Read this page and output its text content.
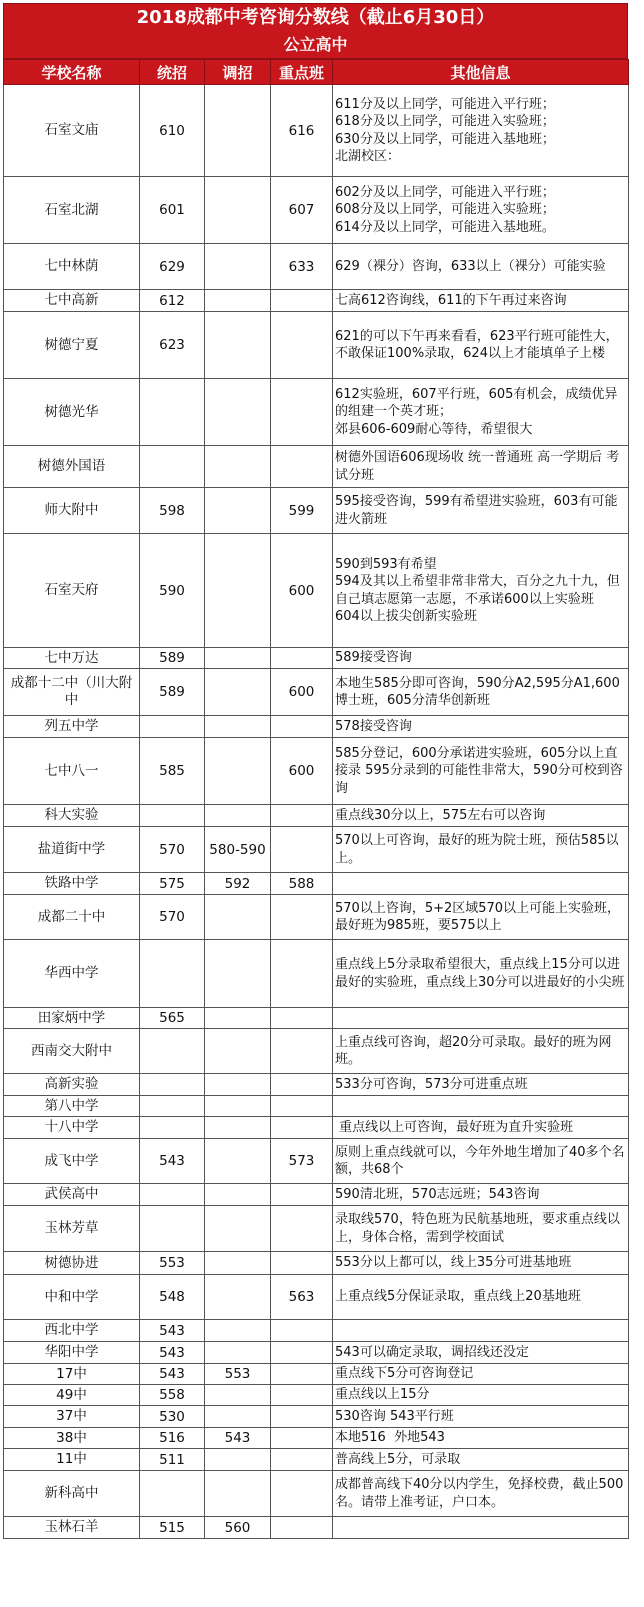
2018成都中考咨询分数线（截止6月30日）
公立高中
学校名称	统招	调招	重点班	其他信息
石室文庙	610		616	611分及以上同学，可能进入平行班；
618分及以上同学，可能进入实验班；
630分及以上同学，可能进入基地班；
北湖校区：
石室北湖	601		607	602分及以上同学，可能进入平行班；
608分及以上同学，可能进入实验班；
614分及以上同学，可能进入基地班。
七中林荫	629		633	629（裸分）咨询，633以上（裸分）可能实验
七中高新	612			七高612咨询线，611的下午再过来咨询
树德宁夏	623			621的可以下午再来看看，623平行班可能性大，不敢保证100%录取，624以上才能填单子上楼
树德光华				612实验班，607平行班，605有机会，成绩优异的组建一个英才班；
郊县606-609耐心等待，希望很大
树德外国语				树德外国语606现场收 统一普通班 高一学期后 考试分班
师大附中	598		599	595接受咨询，599有希望进实验班，603有可能进火箭班
石室天府	590		600	590到593有希望
594及其以上希望非常非常大，百分之九十九，但自己填志愿第一志愿，不承诺600以上实验班
604以上拔尖创新实验班
七中万达	589			589接受咨询
成都十二中（川大附中	589		600	本地生585分即可咨询，590分A2,595分A1,600博士班，605分清华创新班
列五中学				578接受咨询
七中八一	585		600	585分登记，600分承诺进实验班，605分以上直接录 595分录到的可能性非常大，590分可校到咨询
科大实验				重点线30分以上，575左右可以咨询
盐道街中学	570	580-590		570以上可咨询，最好的班为院士班，预估585以上。
铁路中学	575	592	588	
成都二十中	570			570以上咨询，5+2区域570以上可能上实验班，最好班为985班，要575以上
华西中学				重点线上5分录取希望很大，重点线上15分可以进最好的实验班，重点线上30分可以进最好的小尖班
田家炳中学	565			
西南交大附中				上重点线可咨询，超20分可录取。最好的班为网班。
高新实验				533分可咨询，573分可进重点班
第八中学				
十八中学				重点线以上可咨询，最好班为直升实验班
成飞中学	543		573	原则上重点线就可以，今年外地生增加了40多个名额，共68个
武侯高中				590清北班，570志远班；543咨询
玉林芳草				录取线570，特色班为民航基地班，要求重点线以上，身体合格，需到学校面试
树德协进	553			553分以上都可以，线上35分可进基地班
中和中学	548		563	上重点线5分保证录取，重点线上20基地班
西北中学	543			
华阳中学	543			543可以确定录取，调招线还没定
17中	543	553		重点线下5分可咨询登记
49中	558			重点线以上15分
37中	530			530咨询 543平行班
38中	516	543		本地516  外地543
11中	511			普高线上5分，可录取
新科高中				成都普高线下40分以内学生，免择校费，截止500名。请带上准考证，户口本。
玉林石羊	515	560		
